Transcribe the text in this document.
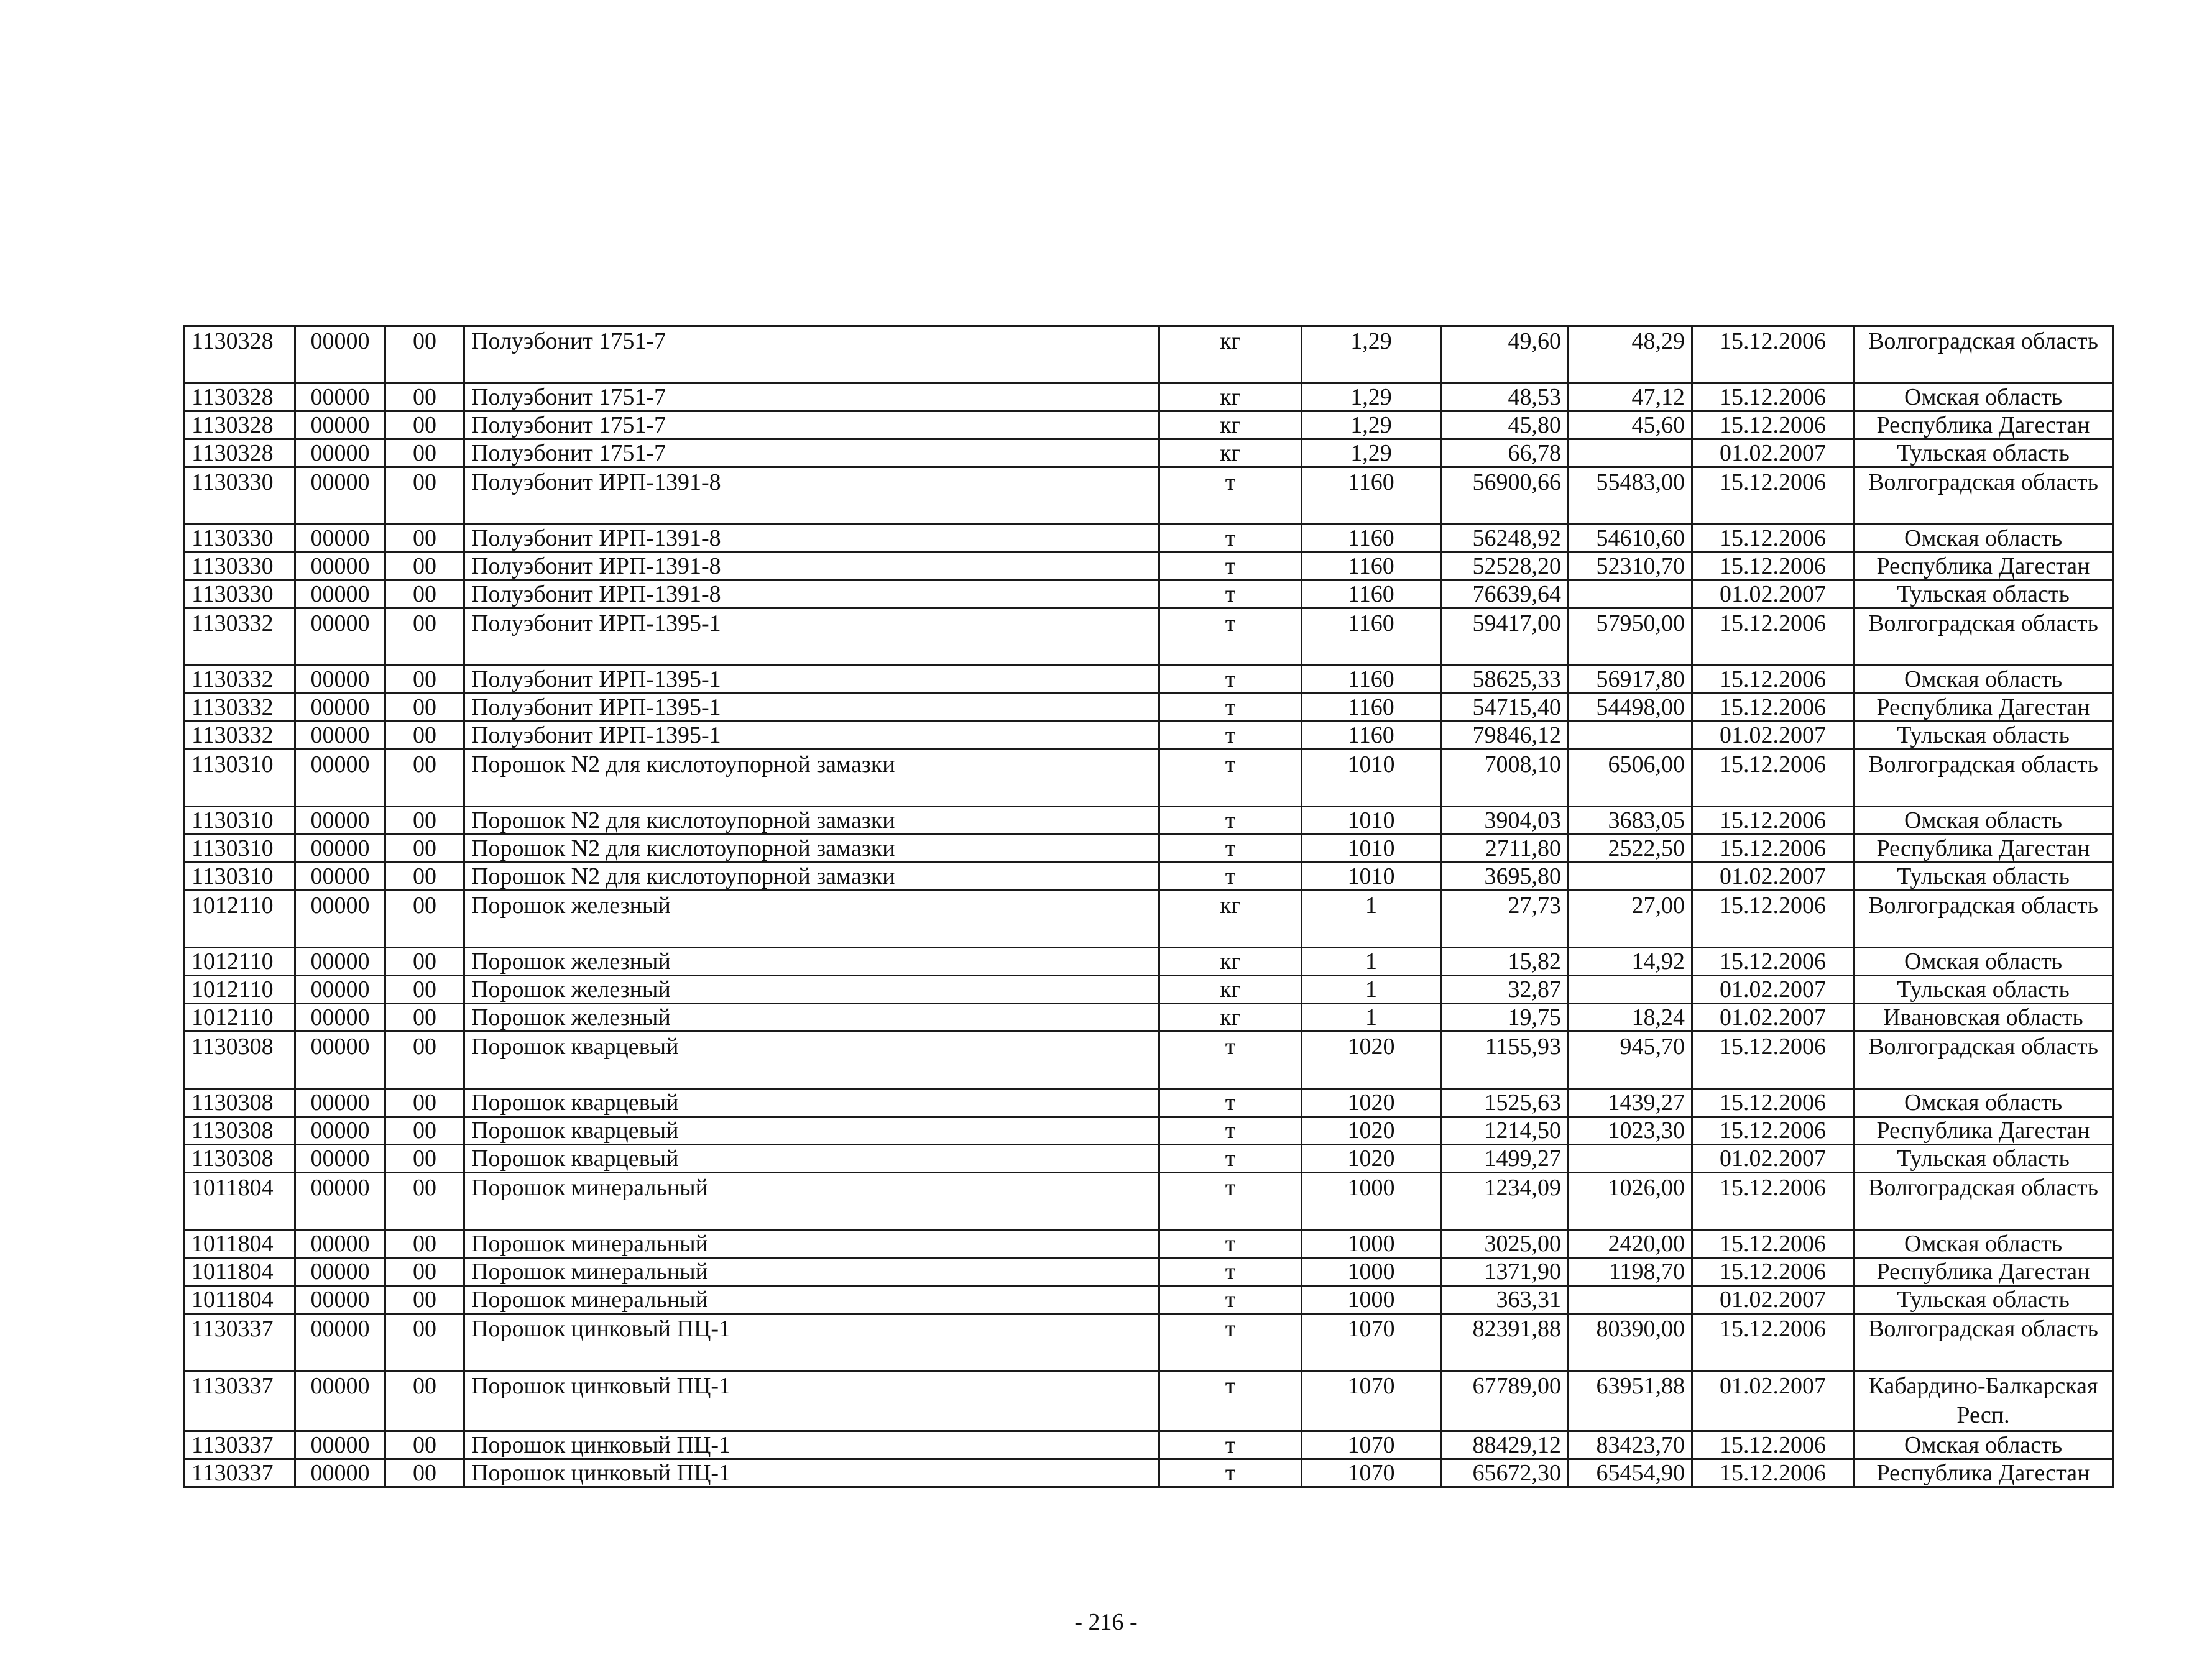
1130328	00000	00	Полуэбонит 1751-7	кг	1,29	49,60	48,29	15.12.2006	Волгоградская область
1130328	00000	00	Полуэбонит 1751-7	кг	1,29	48,53	47,12	15.12.2006	Омская область
1130328	00000	00	Полуэбонит 1751-7	кг	1,29	45,80	45,60	15.12.2006	Республика Дагестан
1130328	00000	00	Полуэбонит 1751-7	кг	1,29	66,78		01.02.2007	Тульская область
1130330	00000	00	Полуэбонит ИРП-1391-8	т	1160	56900,66	55483,00	15.12.2006	Волгоградская область
1130330	00000	00	Полуэбонит ИРП-1391-8	т	1160	56248,92	54610,60	15.12.2006	Омская область
1130330	00000	00	Полуэбонит ИРП-1391-8	т	1160	52528,20	52310,70	15.12.2006	Республика Дагестан
1130330	00000	00	Полуэбонит ИРП-1391-8	т	1160	76639,64		01.02.2007	Тульская область
1130332	00000	00	Полуэбонит ИРП-1395-1	т	1160	59417,00	57950,00	15.12.2006	Волгоградская область
1130332	00000	00	Полуэбонит ИРП-1395-1	т	1160	58625,33	56917,80	15.12.2006	Омская область
1130332	00000	00	Полуэбонит ИРП-1395-1	т	1160	54715,40	54498,00	15.12.2006	Республика Дагестан
1130332	00000	00	Полуэбонит ИРП-1395-1	т	1160	79846,12		01.02.2007	Тульская область
1130310	00000	00	Порошок N2 для кислотоупорной замазки	т	1010	7008,10	6506,00	15.12.2006	Волгоградская область
1130310	00000	00	Порошок N2 для кислотоупорной замазки	т	1010	3904,03	3683,05	15.12.2006	Омская область
1130310	00000	00	Порошок N2 для кислотоупорной замазки	т	1010	2711,80	2522,50	15.12.2006	Республика Дагестан
1130310	00000	00	Порошок N2 для кислотоупорной замазки	т	1010	3695,80		01.02.2007	Тульская область
1012110	00000	00	Порошок железный	кг	1	27,73	27,00	15.12.2006	Волгоградская область
1012110	00000	00	Порошок железный	кг	1	15,82	14,92	15.12.2006	Омская область
1012110	00000	00	Порошок железный	кг	1	32,87		01.02.2007	Тульская область
1012110	00000	00	Порошок железный	кг	1	19,75	18,24	01.02.2007	Ивановская область
1130308	00000	00	Порошок кварцевый	т	1020	1155,93	945,70	15.12.2006	Волгоградская область
1130308	00000	00	Порошок кварцевый	т	1020	1525,63	1439,27	15.12.2006	Омская область
1130308	00000	00	Порошок кварцевый	т	1020	1214,50	1023,30	15.12.2006	Республика Дагестан
1130308	00000	00	Порошок кварцевый	т	1020	1499,27		01.02.2007	Тульская область
1011804	00000	00	Порошок минеральный	т	1000	1234,09	1026,00	15.12.2006	Волгоградская область
1011804	00000	00	Порошок минеральный	т	1000	3025,00	2420,00	15.12.2006	Омская область
1011804	00000	00	Порошок минеральный	т	1000	1371,90	1198,70	15.12.2006	Республика Дагестан
1011804	00000	00	Порошок минеральный	т	1000	363,31		01.02.2007	Тульская область
1130337	00000	00	Порошок цинковый ПЦ-1	т	1070	82391,88	80390,00	15.12.2006	Волгоградская область
1130337	00000	00	Порошок цинковый ПЦ-1	т	1070	67789,00	63951,88	01.02.2007	Кабардино-Балкарская Респ.
1130337	00000	00	Порошок цинковый ПЦ-1	т	1070	88429,12	83423,70	15.12.2006	Омская область
1130337	00000	00	Порошок цинковый ПЦ-1	т	1070	65672,30	65454,90	15.12.2006	Республика Дагестан
- 216 -
